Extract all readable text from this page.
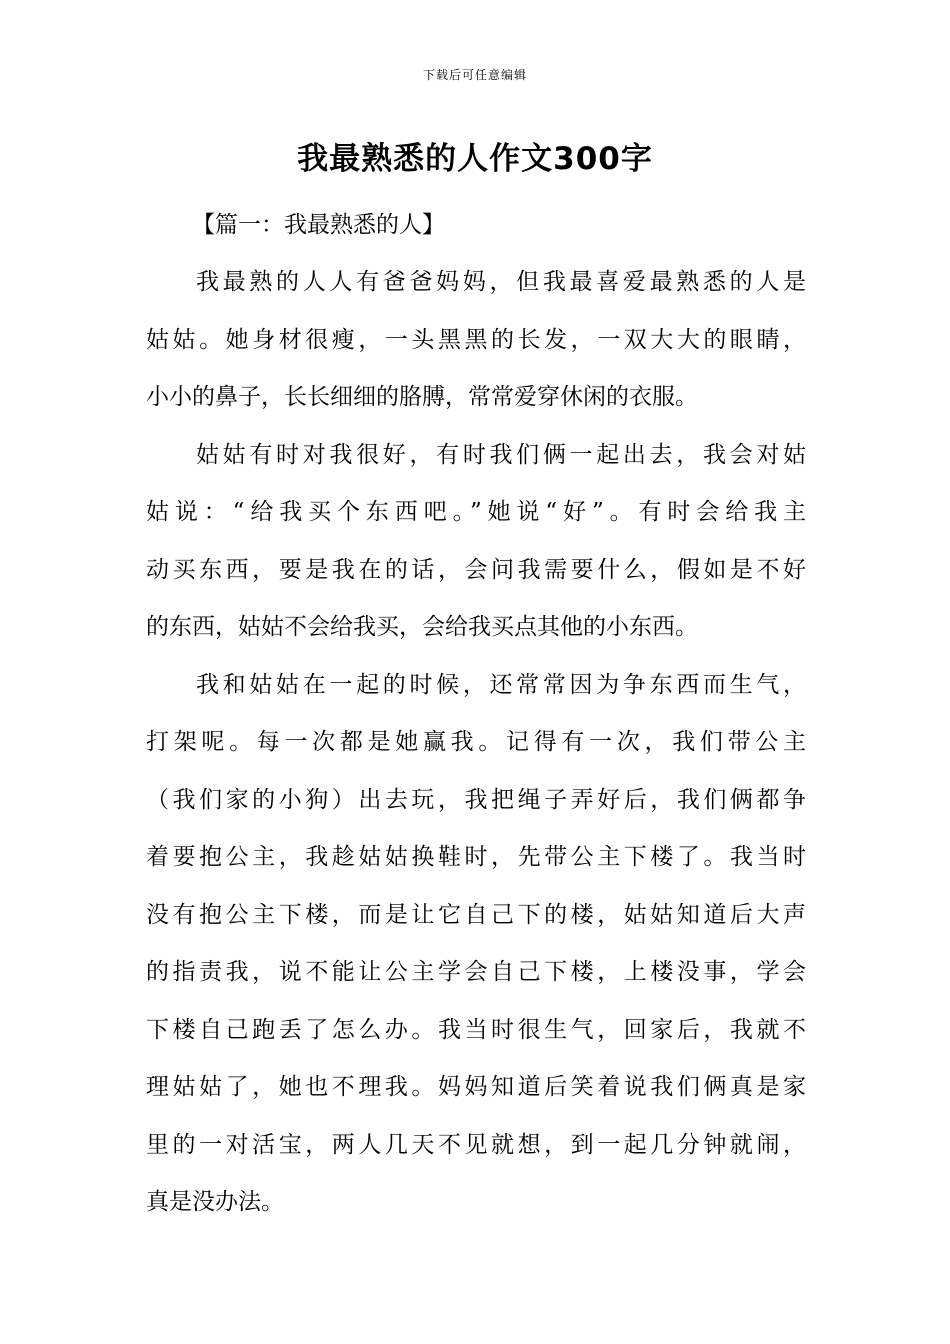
下载后可任意编辑
我最熟悉的人作文300字

【篇一：我最熟悉的人】

我最熟的人人有爸爸妈妈，但我最喜爱最熟悉的人是
姑姑。她身材很瘦，一头黑黑的长发，一双大大的眼睛，
小小的鼻子，长长细细的胳膊，常常爱穿休闲的衣服。

姑姑有时对我很好，有时我们俩一起出去，我会对姑
姑说：“给我买个东西吧。”她说“好”。有时会给我主
动买东西，要是我在的话，会问我需要什么，假如是不好
的东西，姑姑不会给我买，会给我买点其他的小东西。

我和姑姑在一起的时候，还常常因为争东西而生气，
打架呢。每一次都是她赢我。记得有一次，我们带公主
（我们家的小狗）出去玩，我把绳子弄好后，我们俩都争
着要抱公主，我趁姑姑换鞋时，先带公主下楼了。我当时
没有抱公主下楼，而是让它自己下的楼，姑姑知道后大声
的指责我，说不能让公主学会自己下楼，上楼没事，学会
下楼自己跑丢了怎么办。我当时很生气，回家后，我就不
理姑姑了，她也不理我。妈妈知道后笑着说我们俩真是家
里的一对活宝，两人几天不见就想，到一起几分钟就闹，
真是没办法。
